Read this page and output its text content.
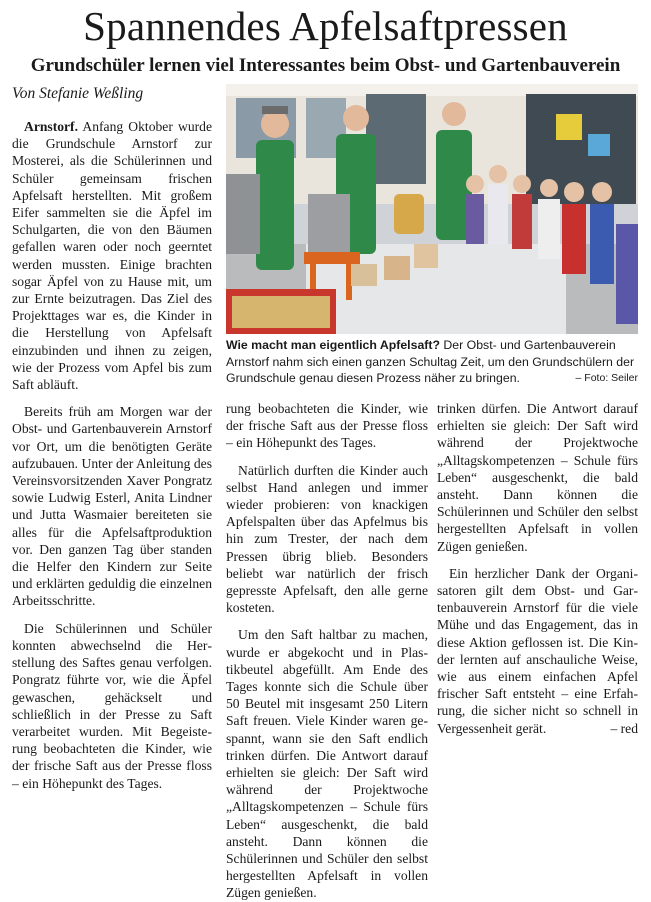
Spannendes Apfelsaftpressen
Grundschüler lernen viel Interessantes beim Obst- und Gartenbauverein
Von Stefanie Weßling
Wie macht man eigentlich Apfelsaft? Der Obst- und Gartenbauverein Arnstorf nahm sich einen ganzen Schultag Zeit, um den Grundschülern der Grundschule genau diesen Prozess näher zu bringen.	– Foto: Seiler

Arnstorf. Anfang Oktober wurde die Grundschule Arnstorf zur Mosterei, als die Schülerinnen und Schüler gemeinsam frischen Apfelsaft herstellten. Mit großem Eifer sammelten sie die Äpfel im Schulgarten, die von den Bäumen gefallen waren oder noch geerntet werden mussten. Einige brachten sogar Äpfel von zu Hause mit, um zur Ernte beizutragen. Das Ziel des Projekttages war es, die Kinder in die Herstellung von Apfelsaft einzubinden und ihnen zu zeigen, wie der Prozess vom Apfel bis zum Saft abläuft.

Bereits früh am Morgen war der Obst- und Gartenbauverein Arnstorf vor Ort, um die benötigten Geräte aufzubauen. Unter der Anleitung des Vereinsvorsitzenden Xaver Pongratz sowie Ludwig Esterl, Anita Lindner und Jutta Wasmaier bereiteten sie alles für die Apfelsaftproduktion vor. Den ganzen Tag über standen die Helfer den Kindern zur Seite und erklärten geduldig die einzelnen Arbeitsschritte.

Die Schülerinnen und Schüler konnten abwechselnd die Herstellung des Saftes genau verfolgen. Pongratz führte vor, wie die Äpfel gewaschen, gehäckselt und schließlich in der Presse zu Saft verarbeitet wurden. Mit Begeisterung beobachteten die Kinder, wie der frische Saft aus der Presse floss – ein Höhepunkt des Tages.

rung beobachteten die Kinder, wie der frische Saft aus der Presse floss – ein Höhepunkt des Tages.

Natürlich durften die Kinder auch selbst Hand anlegen und immer wieder probieren: von knackigen Apfelspalten über das Apfelmus bis hin zum Trester, der nach dem Pressen übrig blieb. Besonders beliebt war natürlich der frisch gepresste Apfelsaft, den alle gerne kosteten.

Um den Saft haltbar zu machen, wurde er abgekocht und in Plastikbeutel abgefüllt. Am Ende des Tages konnte sich die Schule über 50 Beutel mit insgesamt 250 Litern Saft freuen. Viele Kinder waren gespannt, wann sie den Saft endlich trinken dürfen. Die Antwort darauf erhielten sie gleich: Der Saft wird während der Projektwoche „Alltagskompetenzen – Schule fürs Leben“ ausgeschenkt, die bald ansteht. Dann können die Schülerinnen und Schüler den selbst hergestellten Apfelsaft in vollen Zügen genießen.

trinken dürfen. Die Antwort darauf erhielten sie gleich: Der Saft wird während der Projektwoche „Alltagskompetenzen – Schule fürs Leben“ ausgeschenkt, die bald ansteht. Dann können die Schülerinnen und Schüler den selbst hergestellten Apfelsaft in vollen Zügen genießen.

Ein herzlicher Dank der Organisatoren gilt dem Obst- und Gartenbauverein Arnstorf für die viele Mühe und das Engagement, das in diese Aktion geflossen ist. Die Kinder lernten auf anschauliche Weise, wie aus einem einfachen Apfel frischer Saft entsteht – eine Erfahrung, die sicher nicht so schnell in Vergessenheit gerät.	– red
